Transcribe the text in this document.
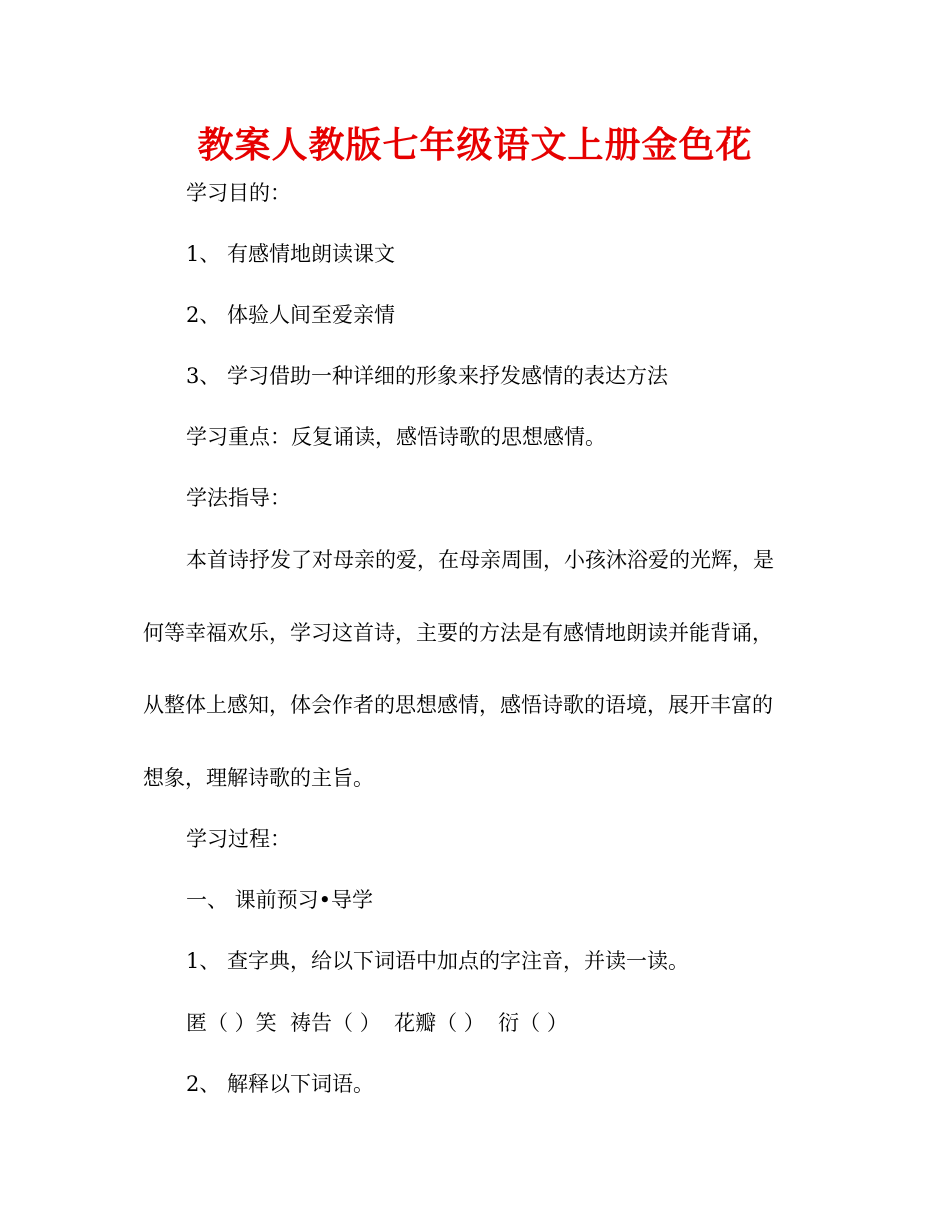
教案人教版七年级语文上册金色花
学习目的：
1、 有感情地朗读课文
2、 体验人间至爱亲情
3、 学习借助一种详细的形象来抒发感情的表达方法
学习重点：反复诵读，感悟诗歌的思想感情。
学法指导：
本首诗抒发了对母亲的爱，在母亲周围，小孩沐浴爱的光辉，是
何等幸福欢乐，学习这首诗，主要的方法是有感情地朗读并能背诵，
从整体上感知，体会作者的思想感情，感悟诗歌的语境，展开丰富的
想象，理解诗歌的主旨。
学习过程：
一、 课前预习•导学
1、 查字典，给以下词语中加点的字注音，并读一读。
匿（ ）笑 祷告（ ） 花瓣（ ） 衍（ ）
2、 解释以下词语。
